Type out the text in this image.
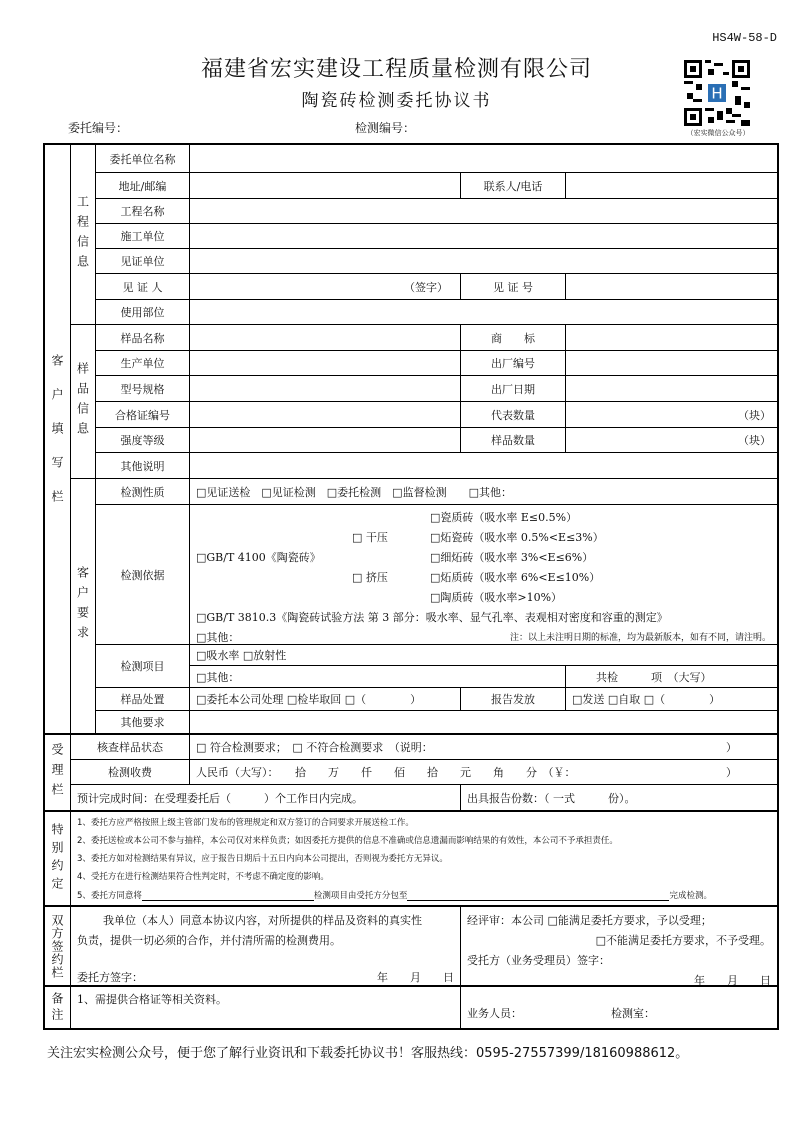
HS4W-58-D
福建省宏实建设工程质量检测有限公司
陶瓷砖检测委托协议书
委托编号：	检测编号：
H
（宏实微信公众号）
客户填写栏
工程信息
委托单位名称
地址/邮编	联系人/电话
工程名称
施工单位
见证单位
见 证 人	（签字）	见 证 号
使用部位
样品信息
样品名称	商　　标
生产单位	出厂编号
型号规格	出厂日期
合格证编号	代表数量	（块）
强度等级	样品数量	（块）
其他说明
客户要求
检测性质	□见证送检　□见证检测　□委托检测　□监督检测　　□其他：
检测依据
□瓷质砖（吸水率 E≤0.5%）
□ 干压	□炻瓷砖（吸水率 0.5%<E≤3%）
□GB/T 4100《陶瓷砖》	□细炻砖（吸水率 3%<E≤6%）
□ 挤压	□炻质砖（吸水率 6%<E≤10%）
□陶质砖（吸水率>10%）
□GB/T 3810.3《陶瓷砖试验方法 第 3 部分：吸水率、显气孔率、表观相对密度和容重的测定》
□其他：	注：以上未注明日期的标准，均为最新版本，如有不同，请注明。
检测项目
□吸水率 □放射性
□其他：	共检　　　项　（大写）
样品处置	□委托本公司处理 □检毕取回 □（　　　　）	报告发放	□发送 □自取 □（　　　　）
其他要求
受理栏	核查样品状态	□ 符合检测要求；　□ 不符合检测要求　（说明：	）
检测收费	人民币（大写）：　　拾　　万　　仟　　佰　　拾　　元　　角　　分　（￥：	）
预计完成时间：在受理委托后（　　　）个工作日内完成。	出具报告份数：（ 一式　　　份）。
特别约定 1、委托方应严格按照上级主管部门发布的管理规定和双方签订的合同要求开展送检工作。
2、委托送检或本公司不参与抽样，本公司仅对来样负责；如因委托方提供的信息不准确或信息遗漏而影响结果的有效性，本公司不予承担责任。
3、委托方如对检测结果有异议，应于报告日期后十五日内向本公司提出，否则视为委托方无异议。
4、受托方在进行检测结果符合性判定时，不考虑不确定度的影响。
5、委托方同意将	检测项目由受托方分包至	完成检测。
双方签约栏	我单位（本人）同意本协议内容，对所提供的样品及资料的真实性
负责，提供一切必须的合作，并付清所需的检测费用。
委托方签字：	年　　月　　日
经评审：本公司 □能满足委托方要求，予以受理；
□不能满足委托方要求，不予受理。
受托方（业务受理员）签字：
年　　月　　日
备注	1、需提供合格证等相关资料。
业务人员：	检测室：
关注宏实检测公众号，便于您了解行业资讯和下载委托协议书！客服热线：0595-27557399/18160988612。
